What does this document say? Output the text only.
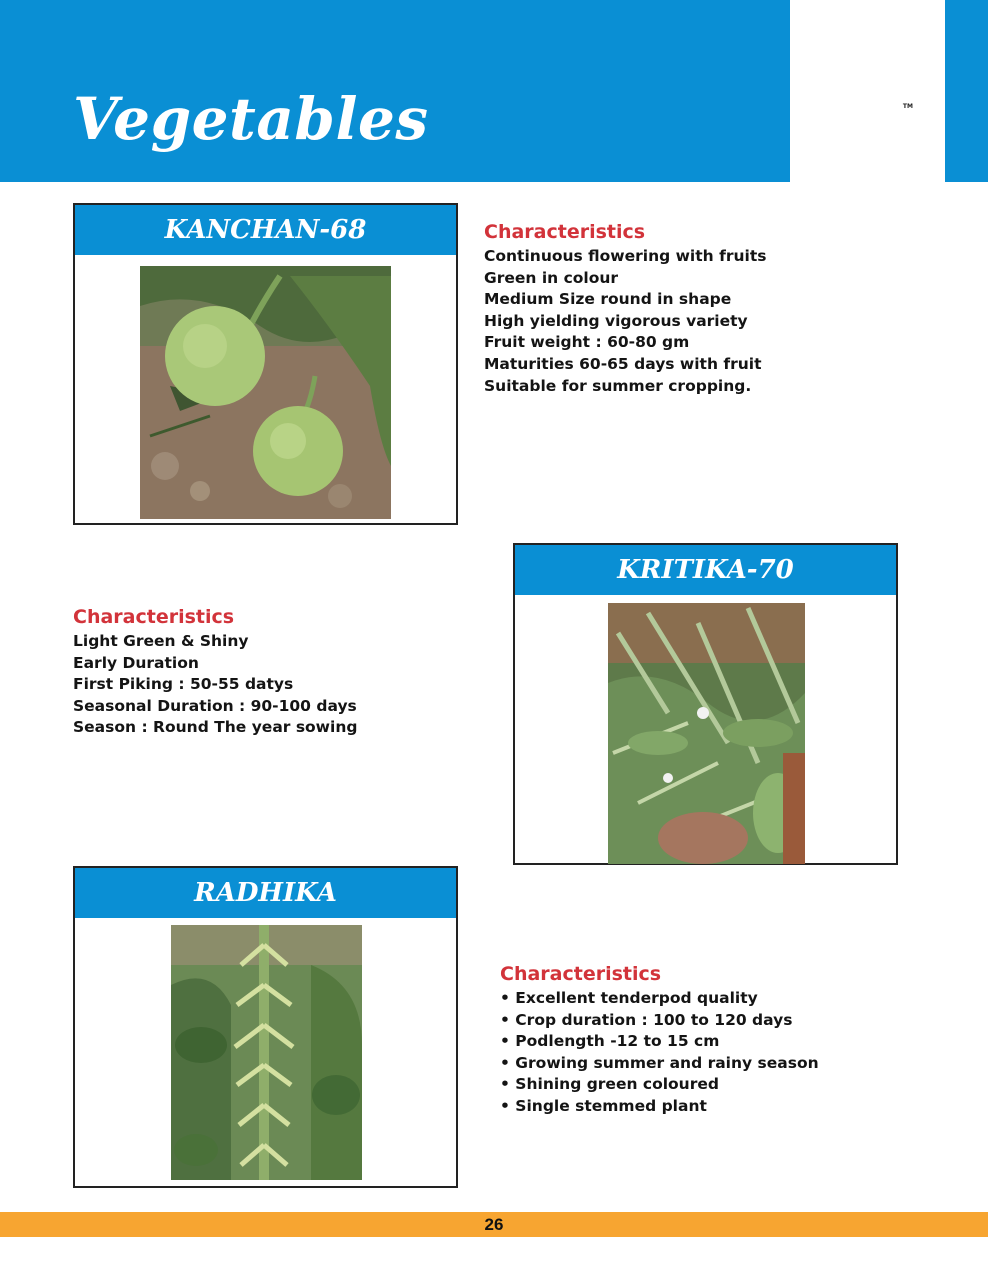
TM
Vegetables
KANCHAN-68	Characteristics
Continuous flowering with fruits
Green in colour
Medium Size round in shape
High yielding vigorous variety
Fruit weight : 60-80 gm
Maturities 60-65 days with fruit
Suitable for summer cropping.
KRITIKA-70
Characteristics
Light Green & Shiny
Early Duration
First Piking : 50-55 datys
Seasonal Duration : 90-100 days
Season : Round The year sowing
RADHIKA
Characteristics
• Excellent tenderpod quality
• Crop duration : 100 to 120 days
• Podlength -12 to 15 cm
• Growing summer and rainy season
• Shining green coloured
• Single stemmed plant
26
